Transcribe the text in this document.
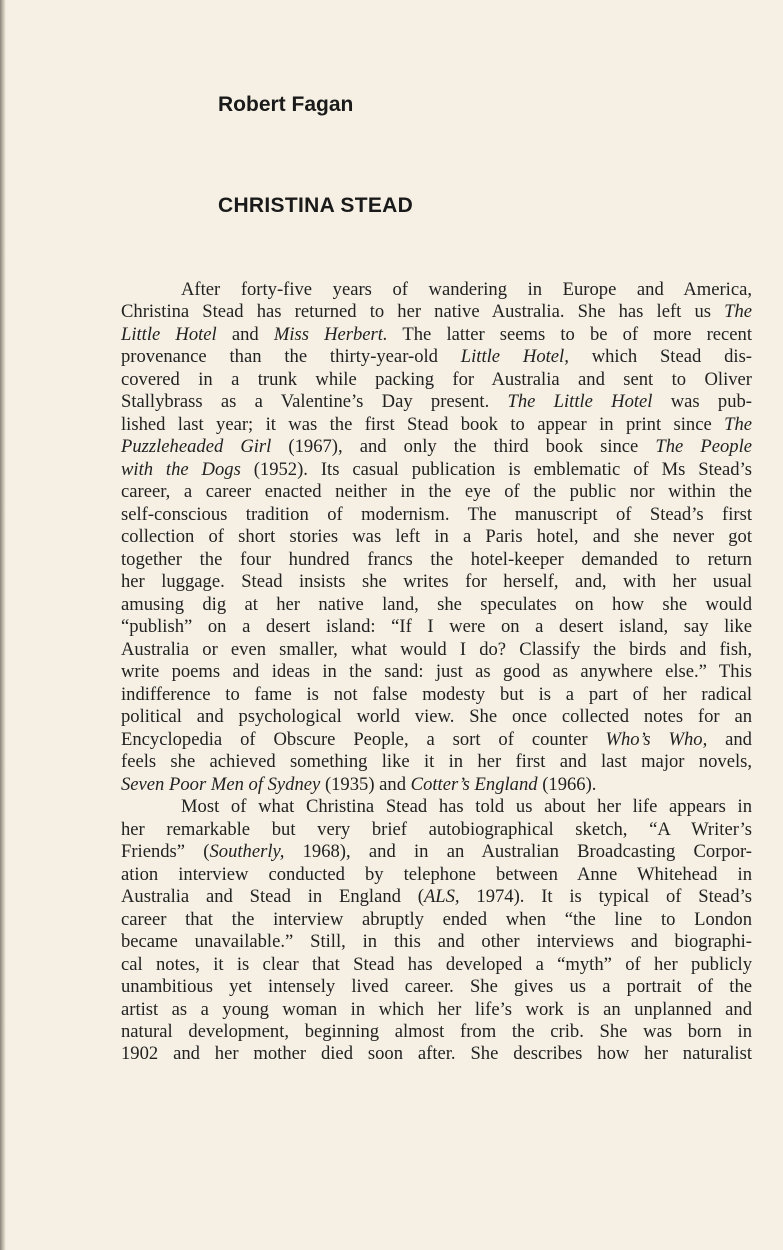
Robert Fagan
CHRISTINA STEAD
After forty-five years of wandering in Europe and America,
Christina Stead has returned to her native Australia. She has left us The
Little Hotel and Miss Herbert. The latter seems to be of more recent
provenance than the thirty-year-old Little Hotel, which Stead dis-
covered in a trunk while packing for Australia and sent to Oliver
Stallybrass as a Valentine’s Day present. The Little Hotel was pub-
lished last year; it was the first Stead book to appear in print since The
Puzzleheaded Girl (1967), and only the third book since The People
with the Dogs (1952). Its casual publication is emblematic of Ms Stead’s
career, a career enacted neither in the eye of the public nor within the
self-conscious tradition of modernism. The manuscript of Stead’s first
collection of short stories was left in a Paris hotel, and she never got
together the four hundred francs the hotel-keeper demanded to return
her luggage. Stead insists she writes for herself, and, with her usual
amusing dig at her native land, she speculates on how she would
“publish” on a desert island: “If I were on a desert island, say like
Australia or even smaller, what would I do? Classify the birds and fish,
write poems and ideas in the sand: just as good as anywhere else.” This
indifference to fame is not false modesty but is a part of her radical
political and psychological world view. She once collected notes for an
Encyclopedia of Obscure People, a sort of counter Who’s Who, and
feels she achieved something like it in her first and last major novels,
Seven Poor Men of Sydney (1935) and Cotter’s England (1966).
Most of what Christina Stead has told us about her life appears in
her remarkable but very brief autobiographical sketch, “A Writer’s
Friends” (Southerly, 1968), and in an Australian Broadcasting Corpor-
ation interview conducted by telephone between Anne Whitehead in
Australia and Stead in England (ALS, 1974). It is typical of Stead’s
career that the interview abruptly ended when “the line to London
became unavailable.” Still, in this and other interviews and biographi-
cal notes, it is clear that Stead has developed a “myth” of her publicly
unambitious yet intensely lived career. She gives us a portrait of the
artist as a young woman in which her life’s work is an unplanned and
natural development, beginning almost from the crib. She was born in
1902 and her mother died soon after. She describes how her naturalist
